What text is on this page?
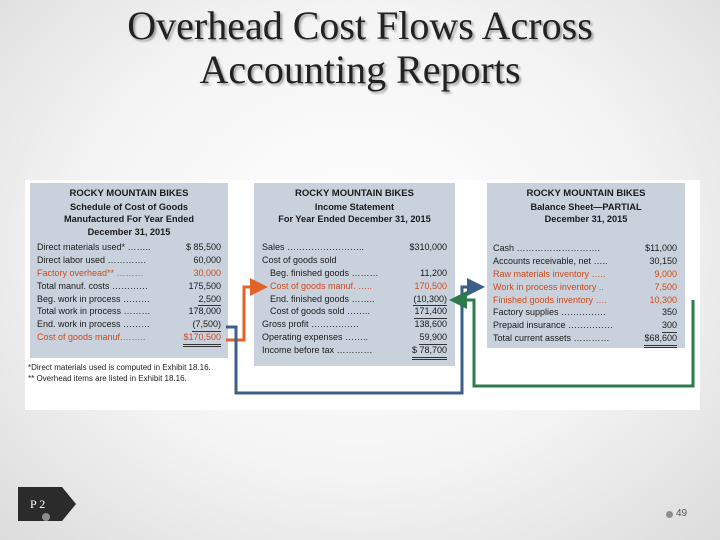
Overhead Cost Flows Across
Accounting Reports
ROCKY MOUNTAIN BIKES
Schedule of Cost of Goods
Manufactured For Year Ended
December 31, 2015
Direct materials used* ……..	$ 85,500
Direct labor used ………….	60,000
Factory overhead** ………	30,000
Total manuf. costs …………	175,500
Beg. work in process ………	2,500
Total work in process ………	178,000
End. work in process ………	(7,500)
Cost of goods manuf.……..	$170,500
*Direct materials used is computed in Exhibit 18.16.
** Overhead items are listed in Exhibit 18.16.
ROCKY MOUNTAIN BIKES
Income Statement
For Year Ended December 31, 2015
Sales ……………………..	$310,000
Cost of goods sold
Beg. finished goods ………	11,200
Cost of goods manuf. …..	170,500
End. finished goods ……..	(10,300)
Cost of goods sold ……..	171,400
Gross profit …………….	138,600
Operating expenses ……..	59,900
Income before tax …………	$ 78,700
ROCKY MOUNTAIN BIKES
Balance Sheet—PARTIAL
December 31, 2015
Cash ……………………….	$11,000
Accounts receivable, net …..	30,150
Raw materials inventory …..	9,000
Work in process inventory ..	7,500
Finished goods inventory ….	10,300
Factory supplies ……………	350
Prepaid insurance ……………	300
Total current assets …………	$68,600
P 2
49
